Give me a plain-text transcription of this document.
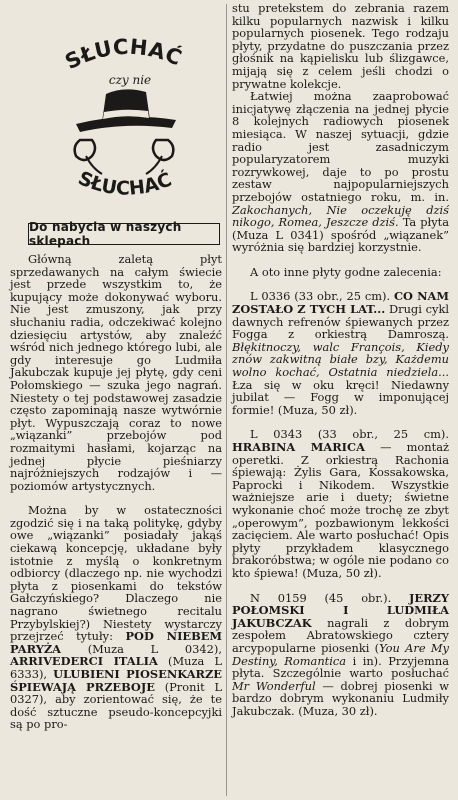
SŁUCHAĆ
czy nie
SŁUCHAĆ
Do nabycia w naszych sklepach

Główną zaletą płyt sprzedawanych na całym świecie jest przede wszystkim to, że kupujący może dokonywać wyboru. Nie jest zmuszony, jak przy słuchaniu radia, odczekiwać kolejno dziesięciu artystów, aby znaleźć wśród nich jednego którego lubi, ale gdy interesuje go Ludmiła Jakubczak kupuje jej płytę, gdy ceni Połomskiego — szuka jego nagrań. Niestety o tej podstawowej zasadzie często zapominają nasze wytwórnie płyt. Wypuszczają coraz to nowe „wiązanki” przebojów pod rozmaitymi hasłami, kojarząc na jednej płycie pieśniarzy najróżniejszych rodzajów i — poziomów artystycznych.

Można by w ostateczności zgodzić się i na taką politykę, gdyby owe „wiązanki” posiadały jakąś ciekawą koncepcję, układane były istotnie z myślą o konkretnym odbiorcy (dlaczego np. nie wychodzi płyta z piosenkami do tekstów Gałczyńskiego? Dlaczego nie nagrano świetnego recitalu Przybylskiej?) Niestety wystarczy przejrzeć tytuły: POD NIEBEM PARYŻA (Muza L 0342), ARRIVEDERCI ITALIA (Muza L 6333), ULUBIENI PIOSENKARZE ŚPIEWAJĄ PRZEBOJE (Pronit L 0327), aby zorientować się, że te dość sztuczne pseudo-koncepcyjki są po pro-

stu pretekstem do zebrania razem kilku popularnych nazwisk i kilku popularnych piosenek. Tego rodzaju płyty, przydatne do puszczania przez głośnik na kąpielisku lub ślizgawce, mijają się z celem jeśli chodzi o prywatne kolekcje.

Łatwiej można zaaprobować inicjatywę złączenia na jednej płycie 8 kolejnych radiowych piosenek miesiąca. W naszej sytuacji, gdzie radio jest zasadniczym popularyzatorem muzyki rozrywkowej, daje to po prostu zestaw najpopularniejszych przebojów ostatniego roku, m. in. Zakochanych, Nie oczekuję dziś nikogo, Romea, Jeszcze dziś. Ta płyta (Muza L 0341) spośród „wiązanek” wyróżnia się bardziej korzystnie.

A oto inne płyty godne zalecenia:

L 0336 (33 obr., 25 cm). CO NAM ZOSTAŁO Z TYCH LAT... Drugi cykl dawnych refrenów śpiewanych przez Fogga z orkiestrą Damroszą. Błękitnoczy, walc François, Kiedy znów zakwitną białe bzy, Każdemu wolno kochać, Ostatnia niedziela... Łza się w oku kręci! Niedawny jubilat — Fogg w imponującej formie! (Muza, 50 zł).

L 0343 (33 obr., 25 cm). HRABINA MARICA — montaż operetki. Z orkiestrą Rachonia śpiewają: Żylis Gara, Kossakowska, Paprocki i Nikodem. Wszystkie ważniejsze arie i duety; świetne wykonanie choć może trochę ze zbyt „operowym”, pozbawionym lekkości zacięciem. Ale warto posłuchać! Opis płyty przykładem klasycznego brakoróbstwa; w ogóle nie podano co kto śpiewa! (Muza, 50 zł).

N 0159 (45 obr.). JERZY POŁOMSKI I LUDMIŁA JAKUBCZAK nagrali z dobrym zespołem Abratowskiego cztery arcypopularne piosenki (You Are My Destiny, Romantica i in). Przyjemna płyta. Szczególnie warto posłuchać Mr Wonderful — dobrej piosenki w bardzo dobrym wykonaniu Ludmiły Jakubczak. (Muza, 30 zł).
